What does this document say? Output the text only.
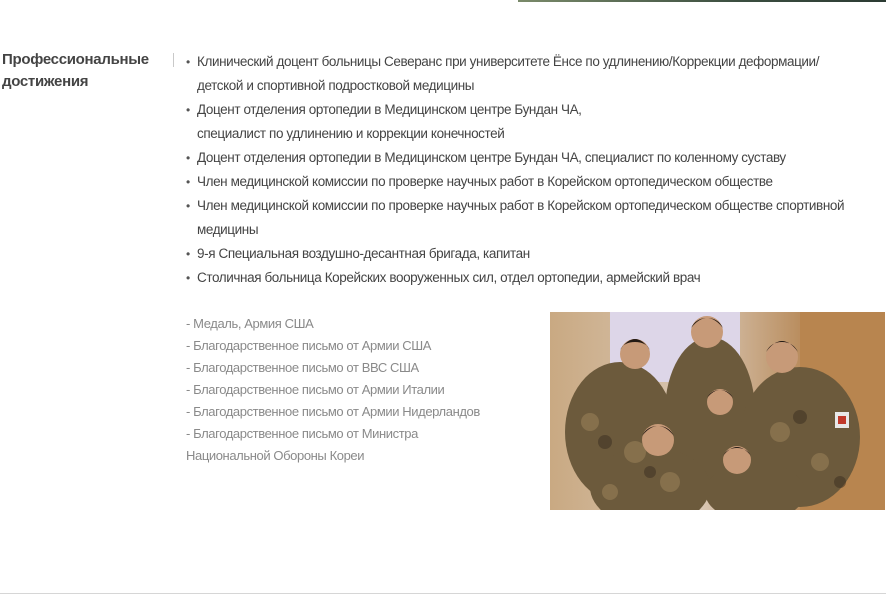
Профессиональные достижения
• Клинический доцент больницы Северанс при университете Ёнсе по удлинению/Коррекции деформации/
детской и спортивной подростковой медицины
• Доцент отделения ортопедии в Медицинском центре Бундан ЧА,
специалист по удлинению и коррекции конечностей
• Доцент отделения ортопедии в Медицинском центре Бундан ЧА, специалист по коленному суставу
• Член медицинской комиссии по проверке научных работ в Корейском ортопедическом обществе
• Член медицинской комиссии по проверке научных работ в Корейском ортопедическом обществе спортивной
медицины
• 9-я Специальная воздушно-десантная бригада, капитан
• Столичная больница Корейских вооруженных сил, отдел ортопедии, армейский врач
- Медаль, Армия США
- Благодарственное письмо от Армии США
- Благодарственное письмо от ВВС США
- Благодарственное письмо от Армии Италии
- Благодарственное письмо от Армии Нидерландов
- Благодарственное письмо от Министра
Национальной Обороны Кореи
